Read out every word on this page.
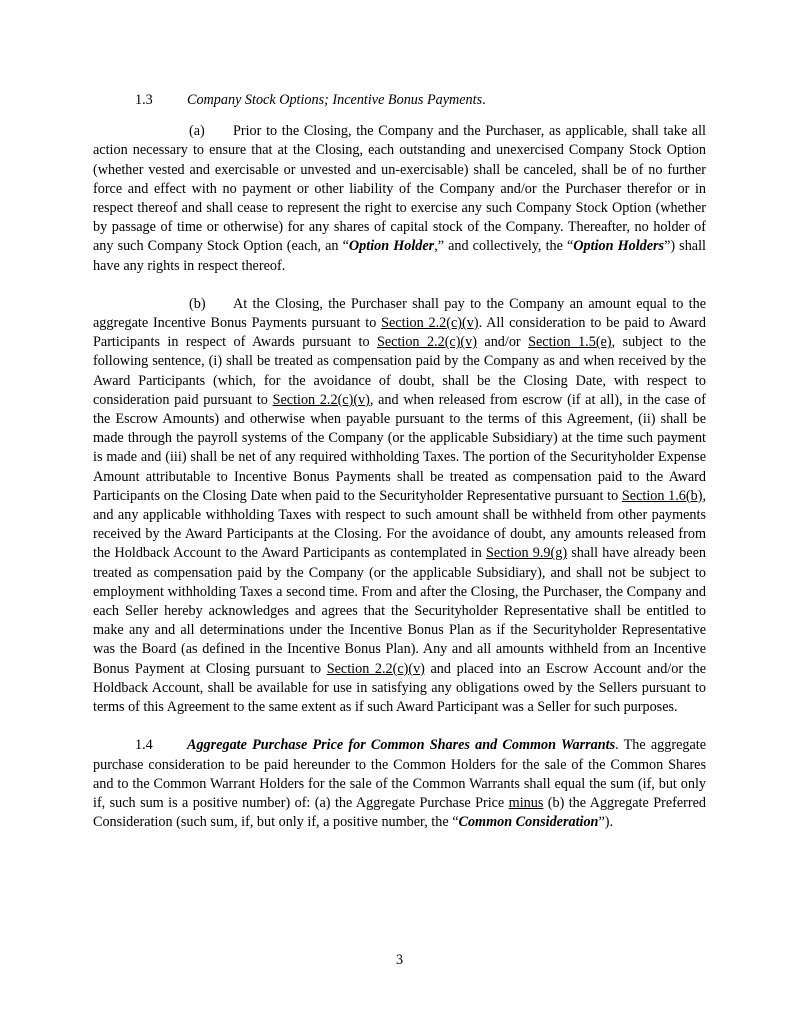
1.3 Company Stock Options; Incentive Bonus Payments.

(a) Prior to the Closing, the Company and the Purchaser, as applicable, shall take all action necessary to ensure that at the Closing, each outstanding and unexercised Company Stock Option (whether vested and exercisable or unvested and un-exercisable) shall be canceled, shall be of no further force and effect with no payment or other liability of the Company and/or the Purchaser therefor or in respect thereof and shall cease to represent the right to exercise any such Company Stock Option (whether by passage of time or otherwise) for any shares of capital stock of the Company. Thereafter, no holder of any such Company Stock Option (each, an “Option Holder,” and collectively, the “Option Holders”) shall have any rights in respect thereof.

(b) At the Closing, the Purchaser shall pay to the Company an amount equal to the aggregate Incentive Bonus Payments pursuant to Section 2.2(c)(v). All consideration to be paid to Award Participants in respect of Awards pursuant to Section 2.2(c)(v) and/or Section 1.5(e), subject to the following sentence, (i) shall be treated as compensation paid by the Company as and when received by the Award Participants (which, for the avoidance of doubt, shall be the Closing Date, with respect to consideration paid pursuant to Section 2.2(c)(v), and when released from escrow (if at all), in the case of the Escrow Amounts) and otherwise when payable pursuant to the terms of this Agreement, (ii) shall be made through the payroll systems of the Company (or the applicable Subsidiary) at the time such payment is made and (iii) shall be net of any required withholding Taxes. The portion of the Securityholder Expense Amount attributable to Incentive Bonus Payments shall be treated as compensation paid to the Award Participants on the Closing Date when paid to the Securityholder Representative pursuant to Section 1.6(b), and any applicable withholding Taxes with respect to such amount shall be withheld from other payments received by the Award Participants at the Closing. For the avoidance of doubt, any amounts released from the Holdback Account to the Award Participants as contemplated in Section 9.9(g) shall have already been treated as compensation paid by the Company (or the applicable Subsidiary), and shall not be subject to employment withholding Taxes a second time. From and after the Closing, the Purchaser, the Company and each Seller hereby acknowledges and agrees that the Securityholder Representative shall be entitled to make any and all determinations under the Incentive Bonus Plan as if the Securityholder Representative was the Board (as defined in the Incentive Bonus Plan). Any and all amounts withheld from an Incentive Bonus Payment at Closing pursuant to Section 2.2(c)(v) and placed into an Escrow Account and/or the Holdback Account, shall be available for use in satisfying any obligations owed by the Sellers pursuant to terms of this Agreement to the same extent as if such Award Participant was a Seller for such purposes.

1.4 Aggregate Purchase Price for Common Shares and Common Warrants. The aggregate purchase consideration to be paid hereunder to the Common Holders for the sale of the Common Shares and to the Common Warrant Holders for the sale of the Common Warrants shall equal the sum (if, but only if, such sum is a positive number) of: (a) the Aggregate Purchase Price minus (b) the Aggregate Preferred Consideration (such sum, if, but only if, a positive number, the “Common Consideration”).

3
